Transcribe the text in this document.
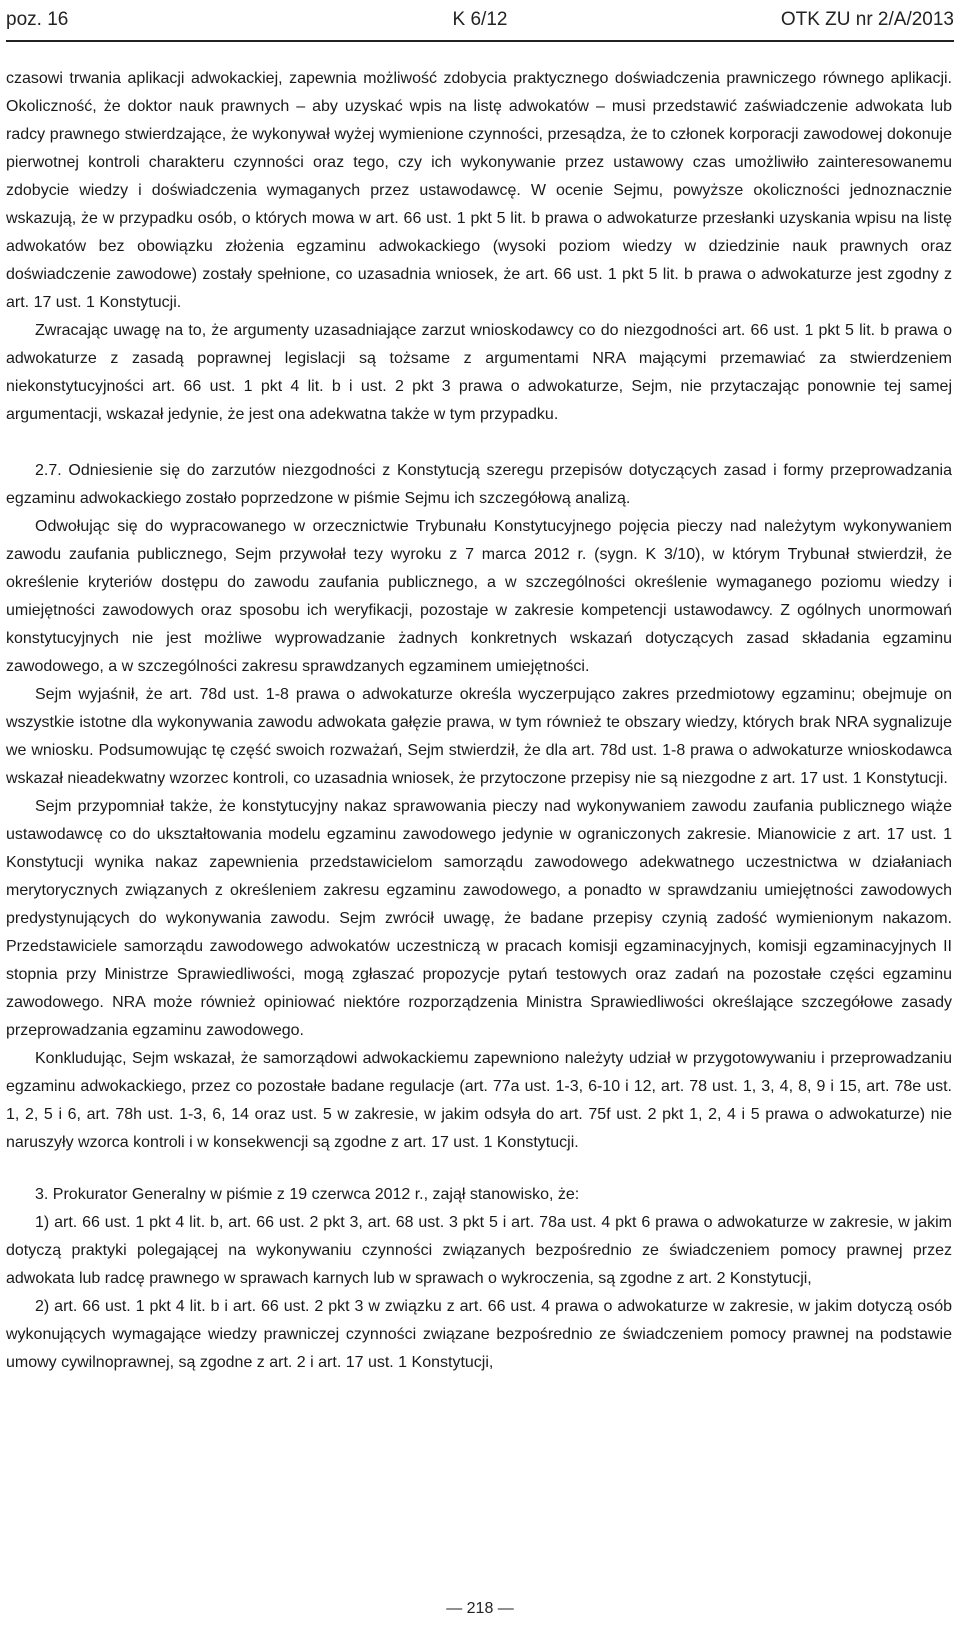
poz. 16	K 6/12	OTK ZU nr 2/A/2013

czasowi trwania aplikacji adwokackiej, zapewnia możliwość zdobycia praktycznego doświadczenia prawniczego równego aplikacji. Okoliczność, że doktor nauk prawnych – aby uzyskać wpis na listę adwokatów – musi przedstawić zaświadczenie adwokata lub radcy prawnego stwierdzające, że wykonywał wyżej wymienione czynności, przesądza, że to członek korporacji zawodowej dokonuje pierwotnej kontroli charakteru czynności oraz tego, czy ich wykonywanie przez ustawowy czas umożliwiło zainteresowanemu zdobycie wiedzy i doświadczenia wymaganych przez ustawodawcę. W ocenie Sejmu, powyższe okoliczności jednoznacznie wskazują, że w przypadku osób, o których mowa w art. 66 ust. 1 pkt 5 lit. b prawa o adwokaturze przesłanki uzyskania wpisu na listę adwokatów bez obowiązku złożenia egzaminu adwokackiego (wysoki poziom wiedzy w dziedzinie nauk prawnych oraz doświadczenie zawodowe) zostały spełnione, co uzasadnia wniosek, że art. 66 ust. 1 pkt 5 lit. b prawa o adwokaturze jest zgodny z art. 17 ust. 1 Konstytucji.

Zwracając uwagę na to, że argumenty uzasadniające zarzut wnioskodawcy co do niezgodności art. 66 ust. 1 pkt 5 lit. b prawa o adwokaturze z zasadą poprawnej legislacji są tożsame z argumentami NRA mającymi przemawiać za stwierdzeniem niekonstytucyjności art. 66 ust. 1 pkt 4 lit. b i ust. 2 pkt 3 prawa o adwokaturze, Sejm, nie przytaczając ponownie tej samej argumentacji, wskazał jedynie, że jest ona adekwatna także w tym przypadku.

2.7. Odniesienie się do zarzutów niezgodności z Konstytucją szeregu przepisów dotyczących zasad i formy przeprowadzania egzaminu adwokackiego zostało poprzedzone w piśmie Sejmu ich szczegółową analizą.

Odwołując się do wypracowanego w orzecznictwie Trybunału Konstytucyjnego pojęcia pieczy nad należytym wykonywaniem zawodu zaufania publicznego, Sejm przywołał tezy wyroku z 7 marca 2012 r. (sygn. K 3/10), w którym Trybunał stwierdził, że określenie kryteriów dostępu do zawodu zaufania publicznego, a w szczególności określenie wymaganego poziomu wiedzy i umiejętności zawodowych oraz sposobu ich weryfikacji, pozostaje w zakresie kompetencji ustawodawcy. Z ogólnych unormowań konstytucyjnych nie jest możliwe wyprowadzanie żadnych konkretnych wskazań dotyczących zasad składania egzaminu zawodowego, a w szczególności zakresu sprawdzanych egzaminem umiejętności.

Sejm wyjaśnił, że art. 78d ust. 1-8 prawa o adwokaturze określa wyczerpująco zakres przedmiotowy egzaminu; obejmuje on wszystkie istotne dla wykonywania zawodu adwokata gałęzie prawa, w tym również te obszary wiedzy, których brak NRA sygnalizuje we wniosku. Podsumowując tę część swoich rozważań, Sejm stwierdził, że dla art. 78d ust. 1-8 prawa o adwokaturze wnioskodawca wskazał nieadekwatny wzorzec kontroli, co uzasadnia wniosek, że przytoczone przepisy nie są niezgodne z art. 17 ust. 1 Konstytucji.

Sejm przypomniał także, że konstytucyjny nakaz sprawowania pieczy nad wykonywaniem zawodu zaufania publicznego wiąże ustawodawcę co do ukształtowania modelu egzaminu zawodowego jedynie w ograniczonych zakresie. Mianowicie z art. 17 ust. 1 Konstytucji wynika nakaz zapewnienia przedstawicielom samorządu zawodowego adekwatnego uczestnictwa w działaniach merytorycznych związanych z określeniem zakresu egzaminu zawodowego, a ponadto w sprawdzaniu umiejętności zawodowych predystynujących do wykonywania zawodu. Sejm zwrócił uwagę, że badane przepisy czynią zadość wymienionym nakazom. Przedstawiciele samorządu zawodowego adwokatów uczestniczą w pracach komisji egzaminacyjnych, komisji egzaminacyjnych II stopnia przy Ministrze Sprawiedliwości, mogą zgłaszać propozycje pytań testowych oraz zadań na pozostałe części egzaminu zawodowego. NRA może również opiniować niektóre rozporządzenia Ministra Sprawiedliwości określające szczegółowe zasady przeprowadzania egzaminu zawodowego.

Konkludując, Sejm wskazał, że samorządowi adwokackiemu zapewniono należyty udział w przygotowywaniu i przeprowadzaniu egzaminu adwokackiego, przez co pozostałe badane regulacje (art. 77a ust. 1-3, 6-10 i 12, art. 78 ust. 1, 3, 4, 8, 9 i 15, art. 78e ust. 1, 2, 5 i 6, art. 78h ust. 1-3, 6, 14 oraz ust. 5 w zakresie, w jakim odsyła do art. 75f ust. 2 pkt 1, 2, 4 i 5 prawa o adwokaturze) nie naruszyły wzorca kontroli i w konsekwencji są zgodne z art. 17 ust. 1 Konstytucji.

3. Prokurator Generalny w piśmie z 19 czerwca 2012 r., zajął stanowisko, że:

1) art. 66 ust. 1 pkt 4 lit. b, art. 66 ust. 2 pkt 3, art. 68 ust. 3 pkt 5 i art. 78a ust. 4 pkt 6 prawa o adwokaturze w zakresie, w jakim dotyczą praktyki polegającej na wykonywaniu czynności związanych bezpośrednio ze świadczeniem pomocy prawnej przez adwokata lub radcę prawnego w sprawach karnych lub w sprawach o wykroczenia, są zgodne z art. 2 Konstytucji,

2) art. 66 ust. 1 pkt 4 lit. b i art. 66 ust. 2 pkt 3 w związku z art. 66 ust. 4 prawa o adwokaturze w zakresie, w jakim dotyczą osób wykonujących wymagające wiedzy prawniczej czynności związane bezpośrednio ze świadczeniem pomocy prawnej na podstawie umowy cywilnoprawnej, są zgodne z art. 2 i art. 17 ust. 1 Konstytucji,

— 218 —
